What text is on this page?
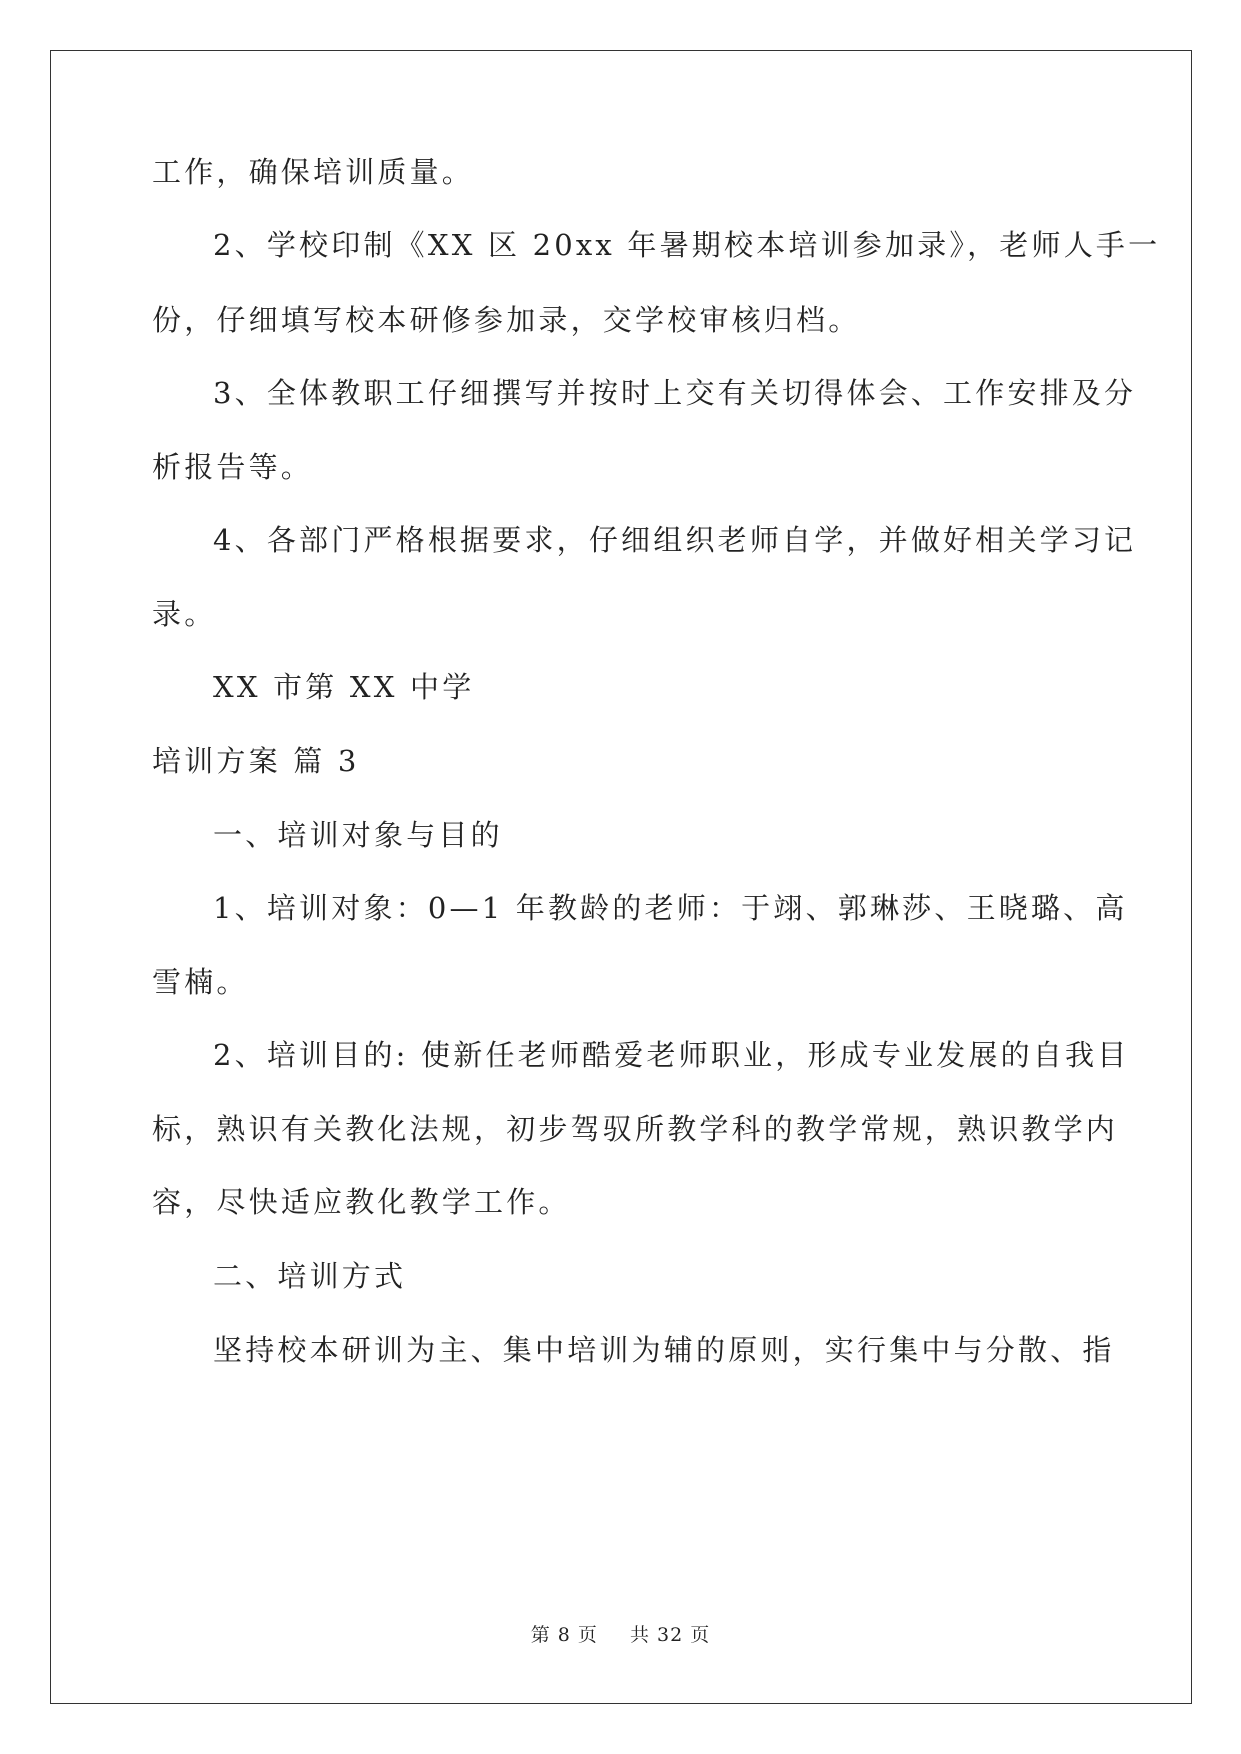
工作，确保培训质量。

2、学校印制《XX 区 20xx 年暑期校本培训参加录》，老师人手一

份，仔细填写校本研修参加录，交学校审核归档。

3、全体教职工仔细撰写并按时上交有关切得体会、工作安排及分

析报告等。

4、各部门严格根据要求，仔细组织老师自学，并做好相关学习记

录。

XX 市第 XX 中学

培训方案 篇 3

一、培训对象与目的

1、培训对象：0—1 年教龄的老师：于翊、郭琳莎、王晓璐、高

雪楠。

2、培训目的: 使新任老师酷爱老师职业，形成专业发展的自我目

标，熟识有关教化法规，初步驾驭所教学科的教学常规，熟识教学内

容，尽快适应教化教学工作。

二、培训方式

坚持校本研训为主、集中培训为辅的原则，实行集中与分散、指

第 8 页 共 32 页
